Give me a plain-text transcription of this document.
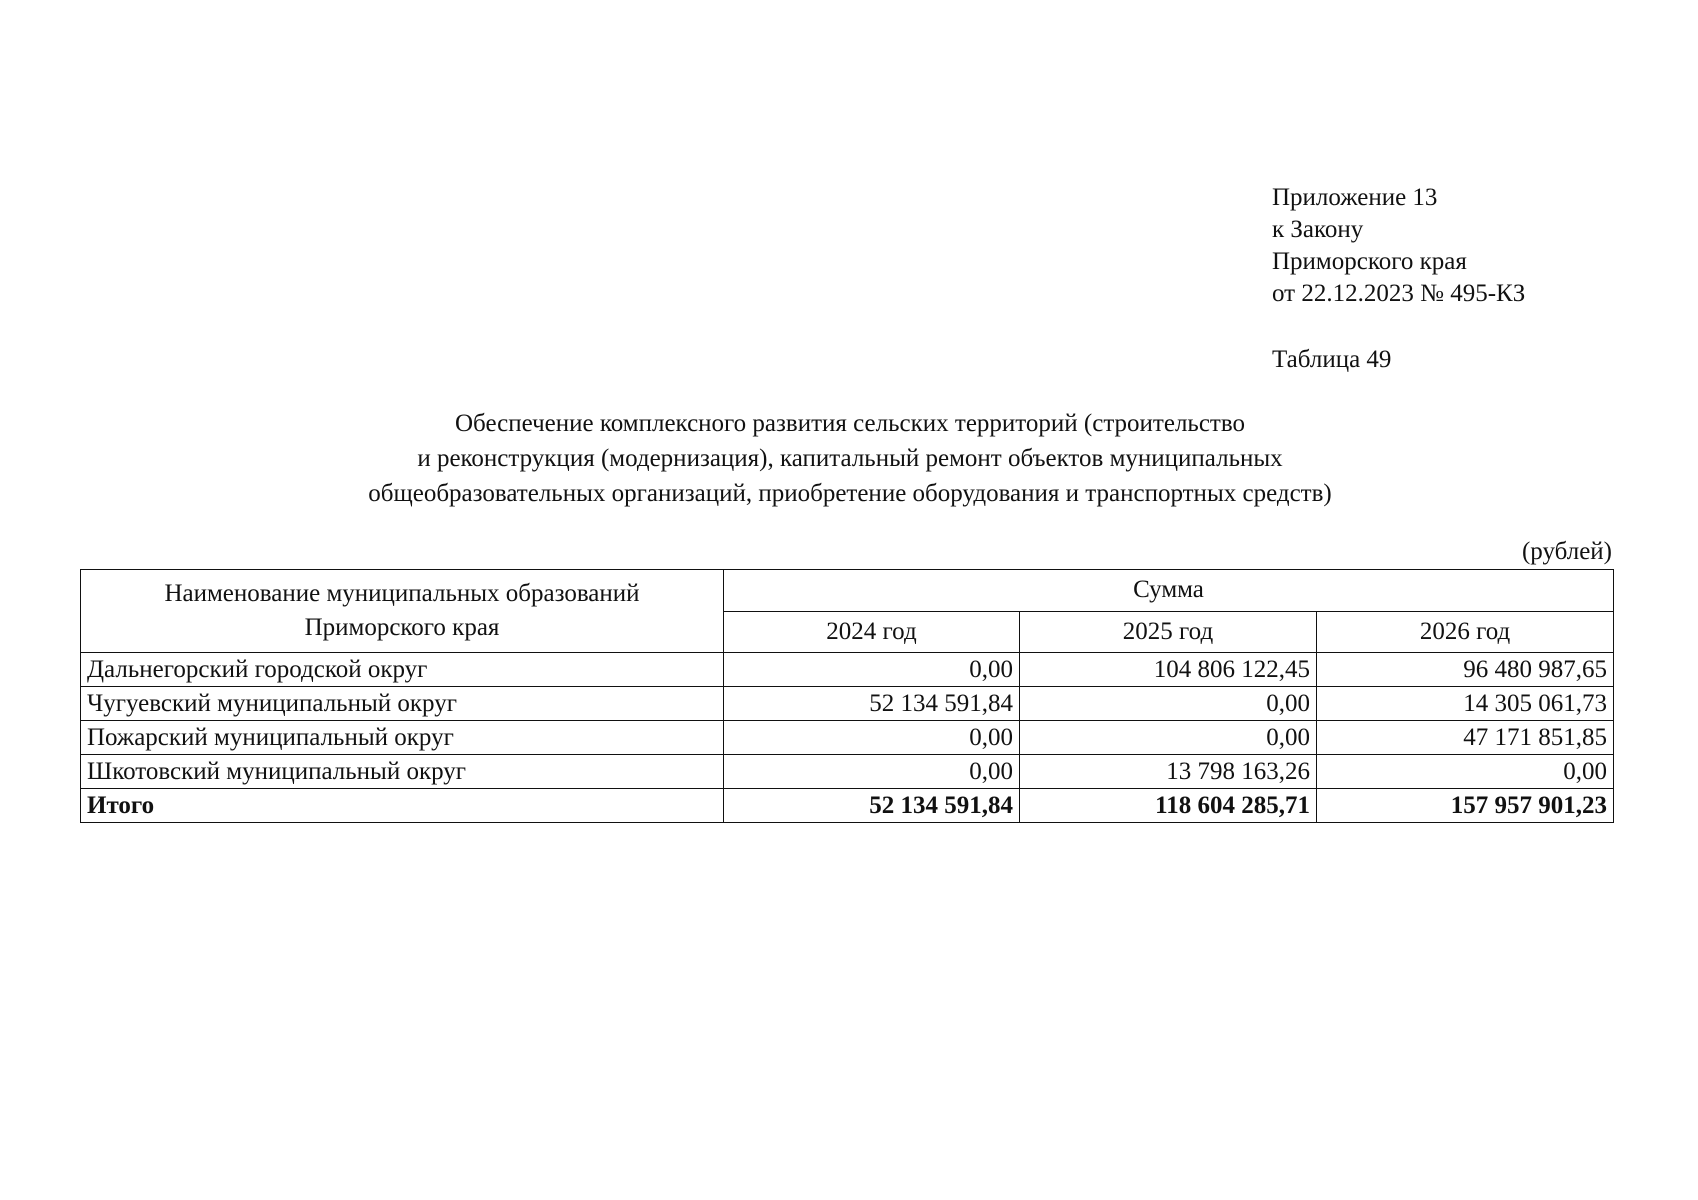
Приложение 13
к Закону
Приморского края
от 22.12.2023 № 495-КЗ
Таблица 49
Обеспечение комплексного развития сельских территорий (строительство
и реконструкция (модернизация), капитальный ремонт объектов муниципальных
общеобразовательных организаций, приобретение оборудования и транспортных средств)
(рублей)
Наименование муниципальных образований
Приморского края	Сумма		
	2024 год	2025 год	2026 год
Дальнегорский городской округ	0,00	104 806 122,45	96 480 987,65
Чугуевский муниципальный округ	52 134 591,84	0,00	14 305 061,73
Пожарский муниципальный округ	0,00	0,00	47 171 851,85
Шкотовский муниципальный округ	0,00	13 798 163,26	0,00
Итого	52 134 591,84	118 604 285,71	157 957 901,23
